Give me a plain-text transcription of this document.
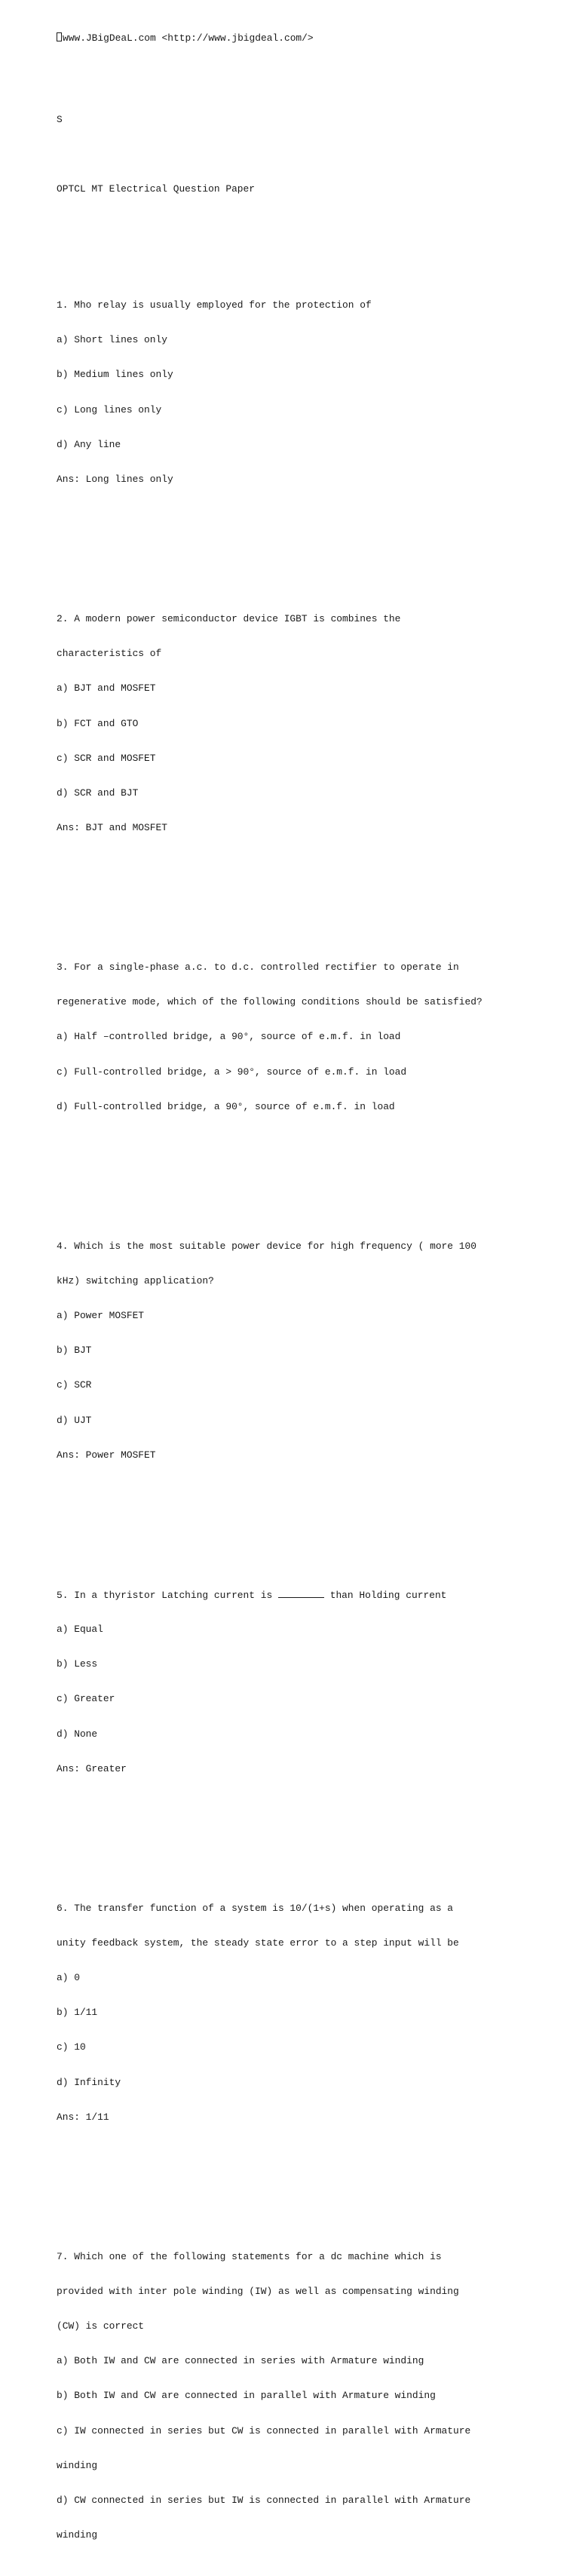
www.JBigDeaL.com <http://www.jbigdeal.com/>

S

OPTCL MT Electrical Question Paper

1. Mho relay is usually employed for the protection of

a) Short lines only

b) Medium lines only

c) Long lines only

d) Any line

Ans: Long lines only

2. A modern power semiconductor device IGBT is combines the

characteristics of

a) BJT and MOSFET

b) FCT and GTO

c) SCR and MOSFET

d) SCR and BJT

Ans: BJT and MOSFET

3. For a single-phase a.c. to d.c. controlled rectifier to operate in

regenerative mode, which of the following conditions should be satisfied?

a) Half –controlled bridge, a 90°, source of e.m.f. in load

c) Full-controlled bridge, a > 90°, source of e.m.f. in load

d) Full-controlled bridge, a 90°, source of e.m.f. in load

4. Which is the most suitable power device for high frequency ( more 100

kHz) switching application?

a) Power MOSFET

b) BJT

c) SCR

d) UJT

Ans: Power MOSFET

5. In a thyristor Latching current is	than Holding current

a) Equal

b) Less

c) Greater

d) None

Ans: Greater

6. The transfer function of a system is 10/(1+s) when operating as a

unity feedback system, the steady state error to a step input will be

a) 0

b) 1/11

c) 10

d) Infinity

Ans: 1/11

7. Which one of the following statements for a dc machine which is

provided with inter pole winding (IW) as well as compensating winding

(CW) is correct

a) Both IW and CW are connected in series with Armature winding

b) Both IW and CW are connected in parallel with Armature winding

c) IW connected in series but CW is connected in parallel with Armature

winding

d) CW connected in series but IW is connected in parallel with Armature

winding
